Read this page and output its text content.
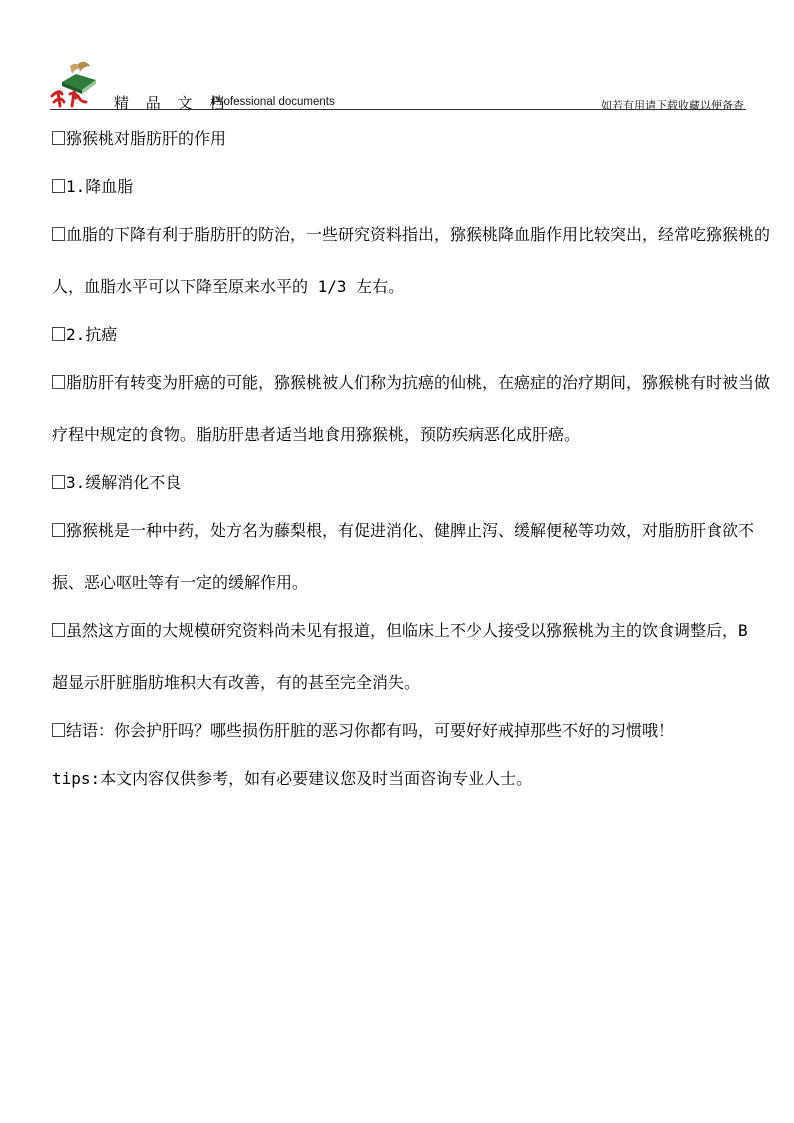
精 品 文 档
Professional documents	如若有用请下载收藏以便备查

猕猴桃对脂肪肝的作用

1.降血脂

血脂的下降有利于脂肪肝的防治，一些研究资料指出，猕猴桃降血脂作用比较突出，经常吃猕猴桃的人，血脂水平可以下降至原来水平的 1/3 左右。

2.抗癌

脂肪肝有转变为肝癌的可能，猕猴桃被人们称为抗癌的仙桃，在癌症的治疗期间，猕猴桃有时被当做疗程中规定的食物。脂肪肝患者适当地食用猕猴桃，预防疾病恶化成肝癌。

3.缓解消化不良

猕猴桃是一种中药，处方名为藤梨根，有促进消化、健脾止泻、缓解便秘等功效，对脂肪肝食欲不振、恶心呕吐等有一定的缓解作用。

虽然这方面的大规模研究资料尚未见有报道，但临床上不少人接受以猕猴桃为主的饮食调整后，B 超显示肝脏脂肪堆积大有改善，有的甚至完全消失。

结语：你会护肝吗？哪些损伤肝脏的恶习你都有吗，可要好好戒掉那些不好的习惯哦！

tips:本文内容仅供参考，如有必要建议您及时当面咨询专业人士。
